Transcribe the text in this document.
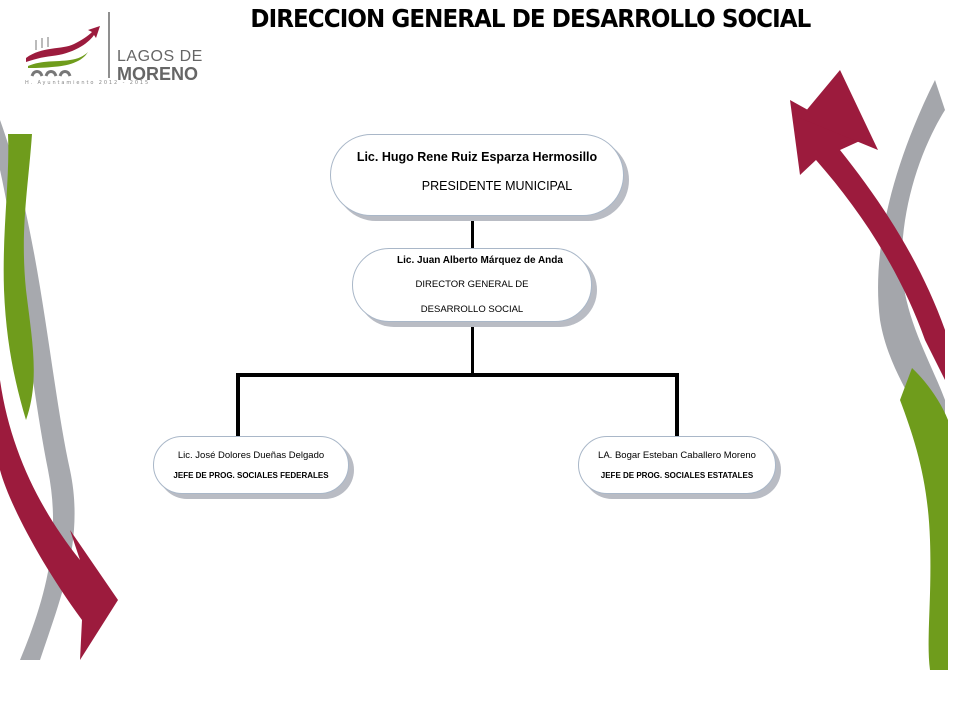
DIRECCION GENERAL DE DESARROLLO SOCIAL
LAGOS DE
MORENO
H. Ayuntamiento 2012 - 2015
Lic. Hugo Rene Ruiz Esparza Hermosillo
PRESIDENTE MUNICIPAL
Lic. Juan Alberto Márquez de Anda
DIRECTOR GENERAL DE
DESARROLLO SOCIAL
Lic. José Dolores Dueñas Delgado
JEFE DE PROG. SOCIALES FEDERALES
LA. Bogar Esteban Caballero Moreno
JEFE DE PROG. SOCIALES ESTATALES
